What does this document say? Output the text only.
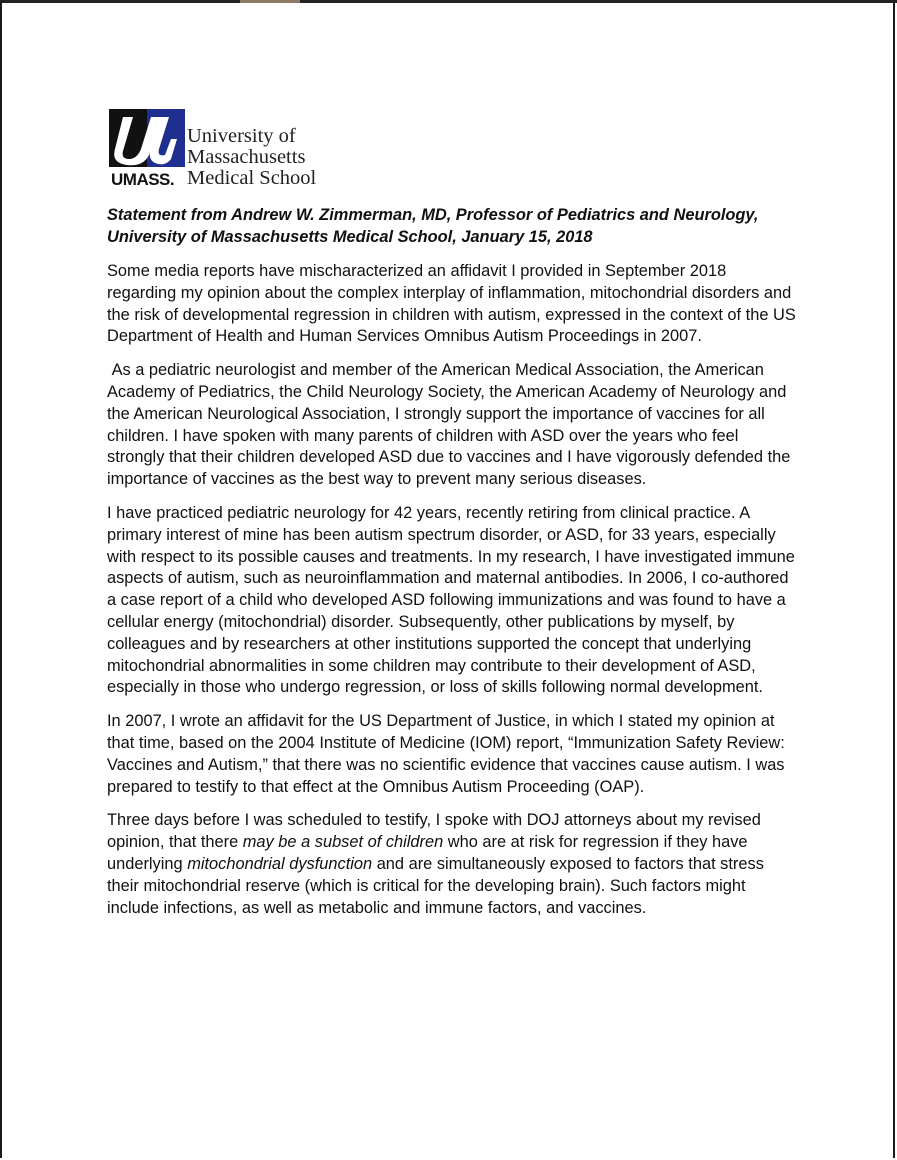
University of
Massachusetts
Medical School
UMASS.

Statement from Andrew W. Zimmerman, MD, Professor of Pediatrics and Neurology, University of Massachusetts Medical School, January 15, 2018

Some media reports have mischaracterized an affidavit I provided in September 2018 regarding my opinion about the complex interplay of inflammation, mitochondrial disorders and the risk of developmental regression in children with autism, expressed in the context of the US Department of Health and Human Services Omnibus Autism Proceedings in 2007.

As a pediatric neurologist and member of the American Medical Association, the American Academy of Pediatrics, the Child Neurology Society, the American Academy of Neurology and the American Neurological Association, I strongly support the importance of vaccines for all children. I have spoken with many parents of children with ASD over the years who feel strongly that their children developed ASD due to vaccines and I have vigorously defended the importance of vaccines as the best way to prevent many serious diseases.

I have practiced pediatric neurology for 42 years, recently retiring from clinical practice. A primary interest of mine has been autism spectrum disorder, or ASD, for 33 years, especially with respect to its possible causes and treatments. In my research, I have investigated immune aspects of autism, such as neuroinflammation and maternal antibodies. In 2006, I co-authored a case report of a child who developed ASD following immunizations and was found to have a cellular energy (mitochondrial) disorder. Subsequently, other publications by myself, by colleagues and by researchers at other institutions supported the concept that underlying mitochondrial abnormalities in some children may contribute to their development of ASD, especially in those who undergo regression, or loss of skills following normal development.

In 2007, I wrote an affidavit for the US Department of Justice, in which I stated my opinion at that time, based on the 2004 Institute of Medicine (IOM) report, “Immunization Safety Review: Vaccines and Autism,” that there was no scientific evidence that vaccines cause autism. I was prepared to testify to that effect at the Omnibus Autism Proceeding (OAP).

Three days before I was scheduled to testify, I spoke with DOJ attorneys about my revised opinion, that there may be a subset of children who are at risk for regression if they have underlying mitochondrial dysfunction and are simultaneously exposed to factors that stress their mitochondrial reserve (which is critical for the developing brain). Such factors might include infections, as well as metabolic and immune factors, and vaccines.
